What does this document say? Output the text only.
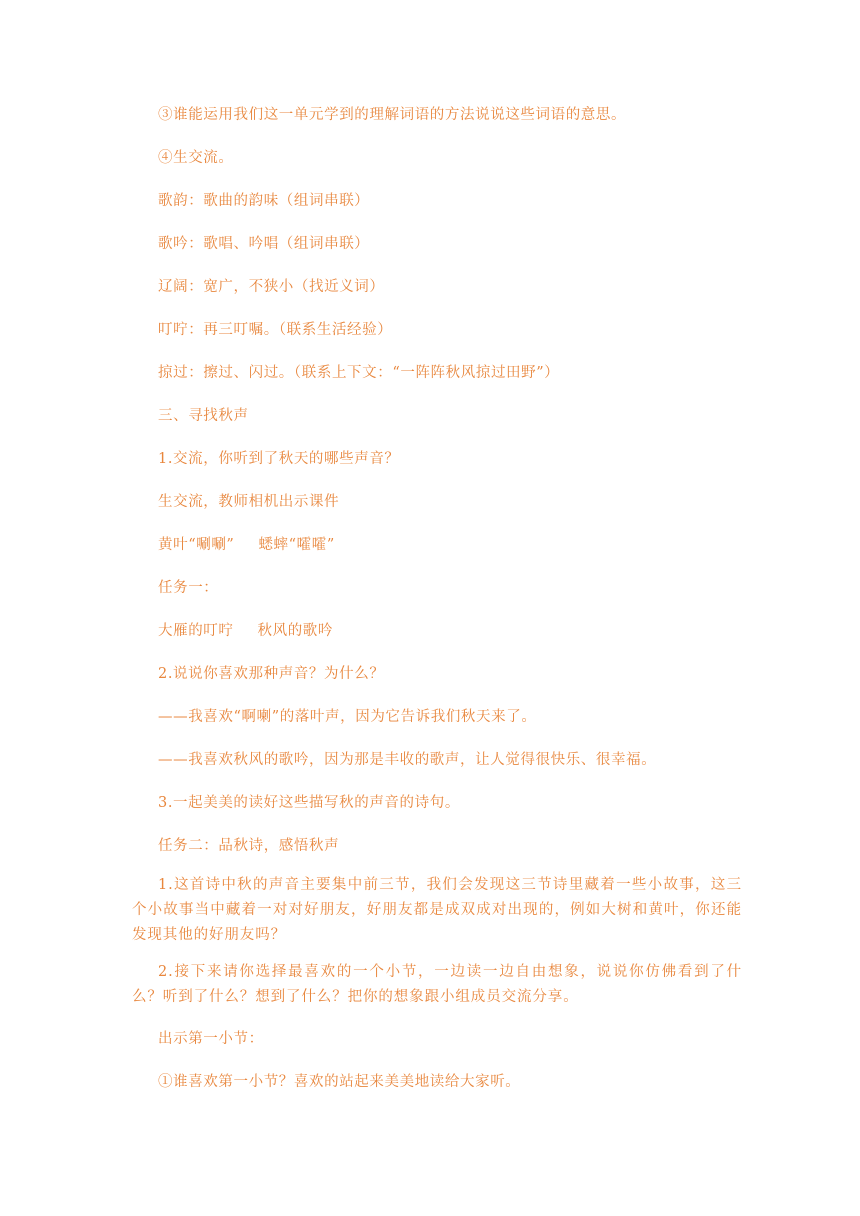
③谁能运用我们这一单元学到的理解词语的方法说说这些词语的意思。

④生交流。

歌韵：歌曲的韵味（组词串联）

歌吟：歌唱、吟唱（组词串联）

辽阔：宽广，不狭小（找近义词）

叮咛：再三叮嘱。（联系生活经验）

掠过：擦过、闪过。（联系上下文：“一阵阵秋风掠过田野”）

三、寻找秋声

1.交流，你听到了秋天的哪些声音？

生交流，教师相机出示课件

黄叶“唰唰” 蟋蟀“嚯嚯”

任务一：

大雁的叮咛 秋风的歌吟

2.说说你喜欢那种声音？为什么？

——我喜欢“啊喇”的落叶声，因为它告诉我们秋天来了。

——我喜欢秋风的歌吟，因为那是丰收的歌声，让人觉得很快乐、很幸福。

3.一起美美的读好这些描写秋的声音的诗句。

任务二：品秋诗，感悟秋声

1.这首诗中秋的声音主要集中前三节，我们会发现这三节诗里藏着一些小故事，这三个小故事当中藏着一对对好朋友，好朋友都是成双成对出现的，例如大树和黄叶，你还能发现其他的好朋友吗？

2.接下来请你选择最喜欢的一个小节，一边读一边自由想象，说说你仿佛看到了什么？听到了什么？想到了什么？把你的想象跟小组成员交流分享。

出示第一小节：

①谁喜欢第一小节？喜欢的站起来美美地读给大家听。
